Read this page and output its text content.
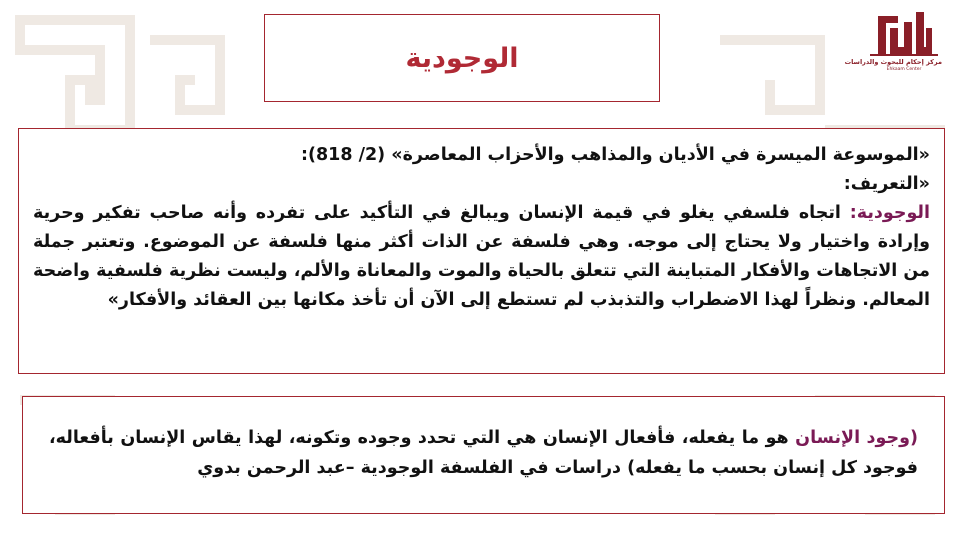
الوجودية	مركز إحكام للبحوث والدراسات
Ehkaam Center
«الموسوعة الميسرة في الأديان والمذاهب والأحزاب المعاصرة» (2/ 818):
«التعريف:
الوجودية: اتجاه فلسفي يغلو في قيمة الإنسان ويبالغ في التأكيد على تفرده وأنه صاحب تفكير وحرية وإرادة واختيار ولا يحتاج إلى موجه. وهي فلسفة عن الذات أكثر منها فلسفة عن الموضوع. وتعتبر جملة من الاتجاهات والأفكار المتباينة التي تتعلق بالحياة والموت والمعاناة والألم، وليست نظرية فلسفية واضحة المعالم. ونظراً لهذا الاضطراب والتذبذب لم تستطع إلى الآن أن تأخذ مكانها بين العقائد والأفكار»
(وجود الإنسان هو ما يفعله، فأفعال الإنسان هي التي تحدد وجوده وتكونه، لهذا يقاس الإنسان بأفعاله، فوجود كل إنسان بحسب ما يفعله) دراسات في الفلسفة الوجودية –عبد الرحمن بدوي
